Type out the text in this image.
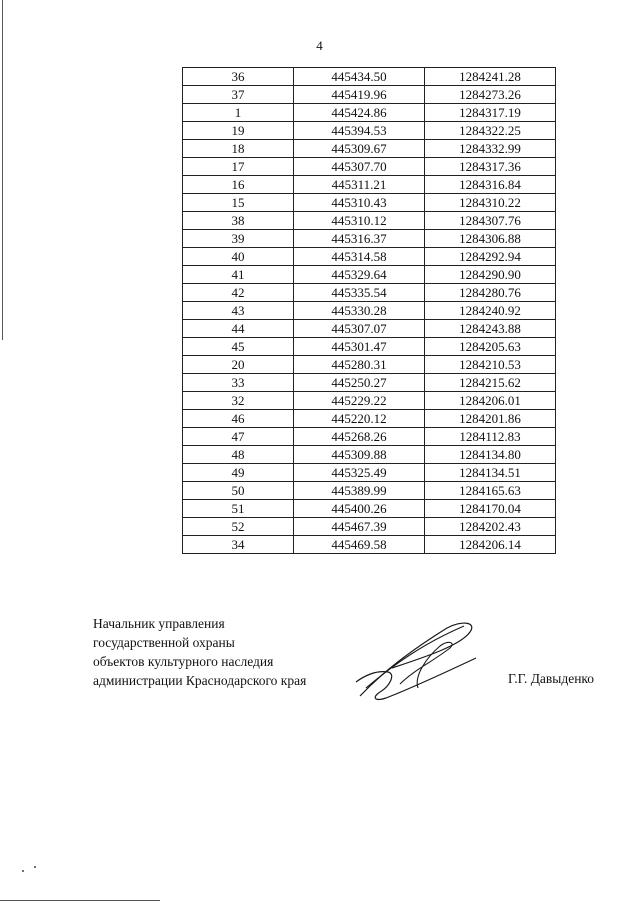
4
36	445434.50	1284241.28
37	445419.96	1284273.26
1	445424.86	1284317.19
19	445394.53	1284322.25
18	445309.67	1284332.99
17	445307.70	1284317.36
16	445311.21	1284316.84
15	445310.43	1284310.22
38	445310.12	1284307.76
39	445316.37	1284306.88
40	445314.58	1284292.94
41	445329.64	1284290.90
42	445335.54	1284280.76
43	445330.28	1284240.92
44	445307.07	1284243.88
45	445301.47	1284205.63
20	445280.31	1284210.53
33	445250.27	1284215.62
32	445229.22	1284206.01
46	445220.12	1284201.86
47	445268.26	1284112.83
48	445309.88	1284134.80
49	445325.49	1284134.51
50	445389.99	1284165.63
51	445400.26	1284170.04
52	445467.39	1284202.43
34	445469.58	1284206.14
Начальник управления
государственной охраны
объектов культурного наследия
администрации Краснодарского края	Г.Г. Давыденко
